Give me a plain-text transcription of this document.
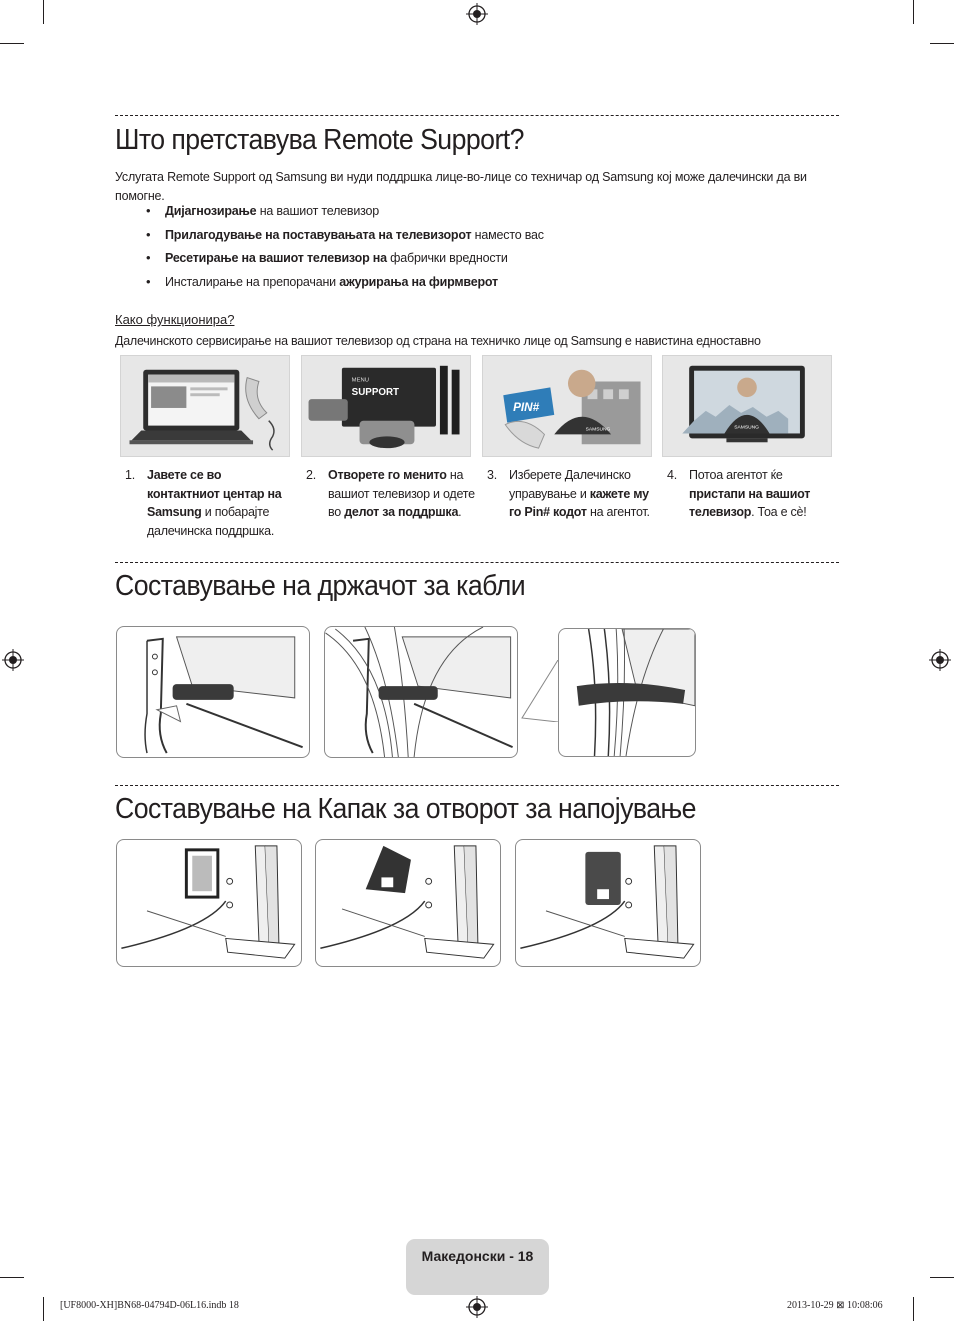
Што претставува Remote Support?
Услугата Remote Support од Samsung ви нуди поддршка лице-во-лице со техничар од Samsung кој може далечински да ви помогне.
• Дијагнозирање на вашиот телевизор
• Прилагодување на поставувањата на телевизорот наместо вас
• Ресетирање на вашиот телевизор на фабрички вредности
• Инсталирање на препорачани ажурирања на фирмверот
Како функционира?
Далечинското сервисирање на вашиот телевизор од страна на техничко лице од Samsung е навистина едноставно
MENU
SUPPORT
PIN#
SAMSUNG	SAMSUNG
1. Јавете се во контактниот центар на Samsung и побарајте далечинска поддршка.
2. Отворете го менито на вашиот телевизор и одете во делот за поддршка.
3. Изберете Далечинско управување и кажете му го Pin# кодот на агентот.
4. Потоа агентот ќе пристапи на вашиот телевизор. Тоа е сè!
Составување на држачот за кабли
Составување на Капак за отворот за напојување
Македонски - 18
[UF8000-XH]BN68-04794D-06L16.indb 18	2013-10-29 ⊠ 10:08:06
